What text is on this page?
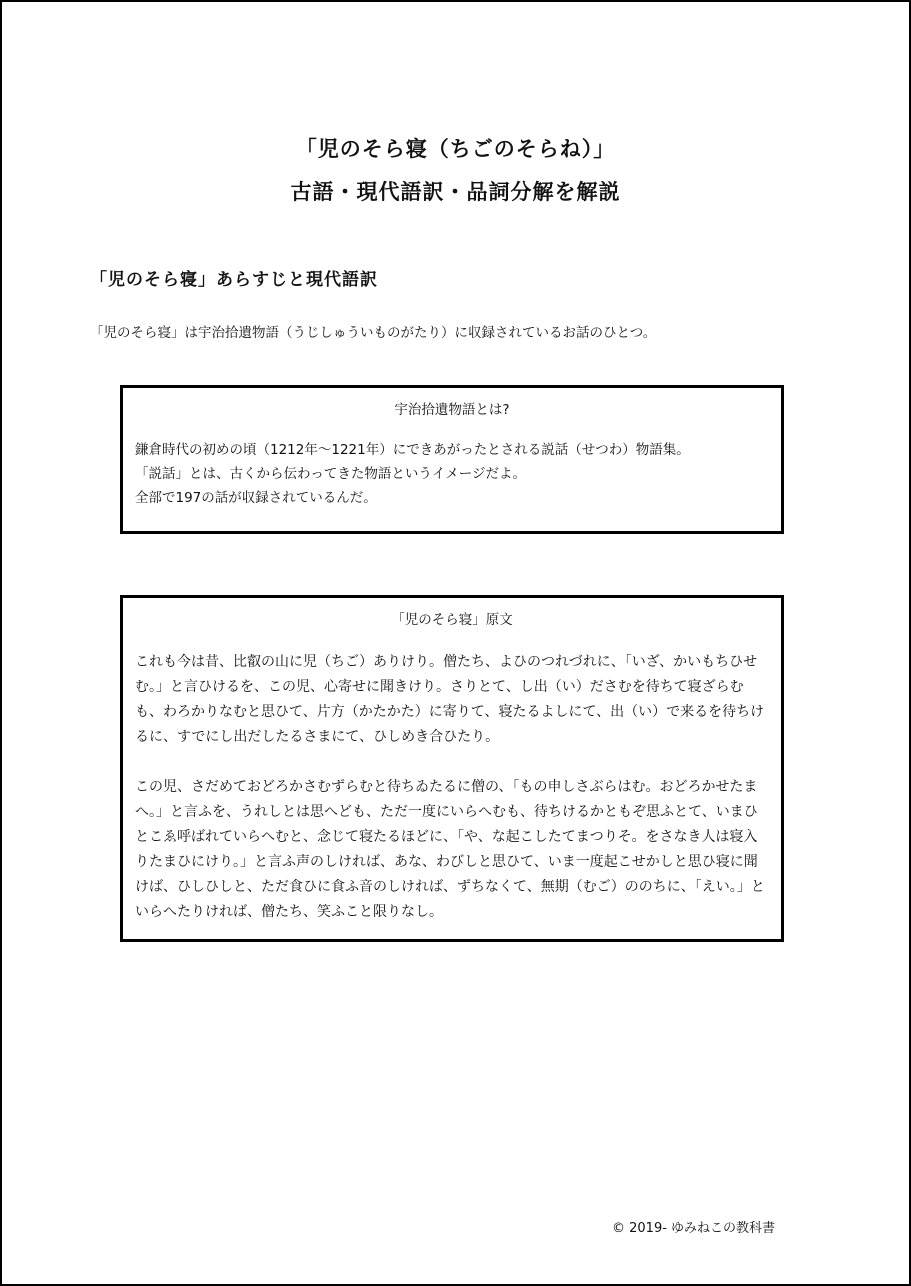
「児のそら寝（ちごのそらね）」
古語・現代語訳・品詞分解を解説
「児のそら寝」あらすじと現代語訳
「児のそら寝」は宇治拾遺物語（うじしゅういものがたり）に収録されているお話のひとつ。
宇治拾遺物語とは?
鎌倉時代の初めの頃（1212年～1221年）にできあがったとされる説話（せつわ）物語集。
「説話」とは、古くから伝わってきた物語というイメージだよ。
全部で197の話が収録されているんだ。
「児のそら寝」原文

これも今は昔、比叡の山に児（ちご）ありけり。僧たち、よひのつれづれに、「いざ、かいもちひせむ。」と言ひけるを、この児、心寄せに聞きけり。さりとて、し出（い）ださむを待ちて寝ざらむも、わろかりなむと思ひて、片方（かたかた）に寄りて、寝たるよしにて、出（い）で来るを待ちけるに、すでにし出だしたるさまにて、ひしめき合ひたり。

この児、さだめておどろかさむずらむと待ちゐたるに僧の、「もの申しさぶらはむ。おどろかせたまへ。」と言ふを、うれしとは思へども、ただ一度にいらへむも、待ちけるかともぞ思ふとて、いまひとこゑ呼ばれていらへむと、念じて寝たるほどに、「や、な起こしたてまつりそ。をさなき人は寝入りたまひにけり。」と言ふ声のしければ、あな、わびしと思ひて、いま一度起こせかしと思ひ寝に聞けば、ひしひしと、ただ食ひに食ふ音のしければ、ずちなくて、無期（むご）ののちに、「えい。」といらへたりければ、僧たち、笑ふこと限りなし。

© 2019- ゆみねこの教科書
